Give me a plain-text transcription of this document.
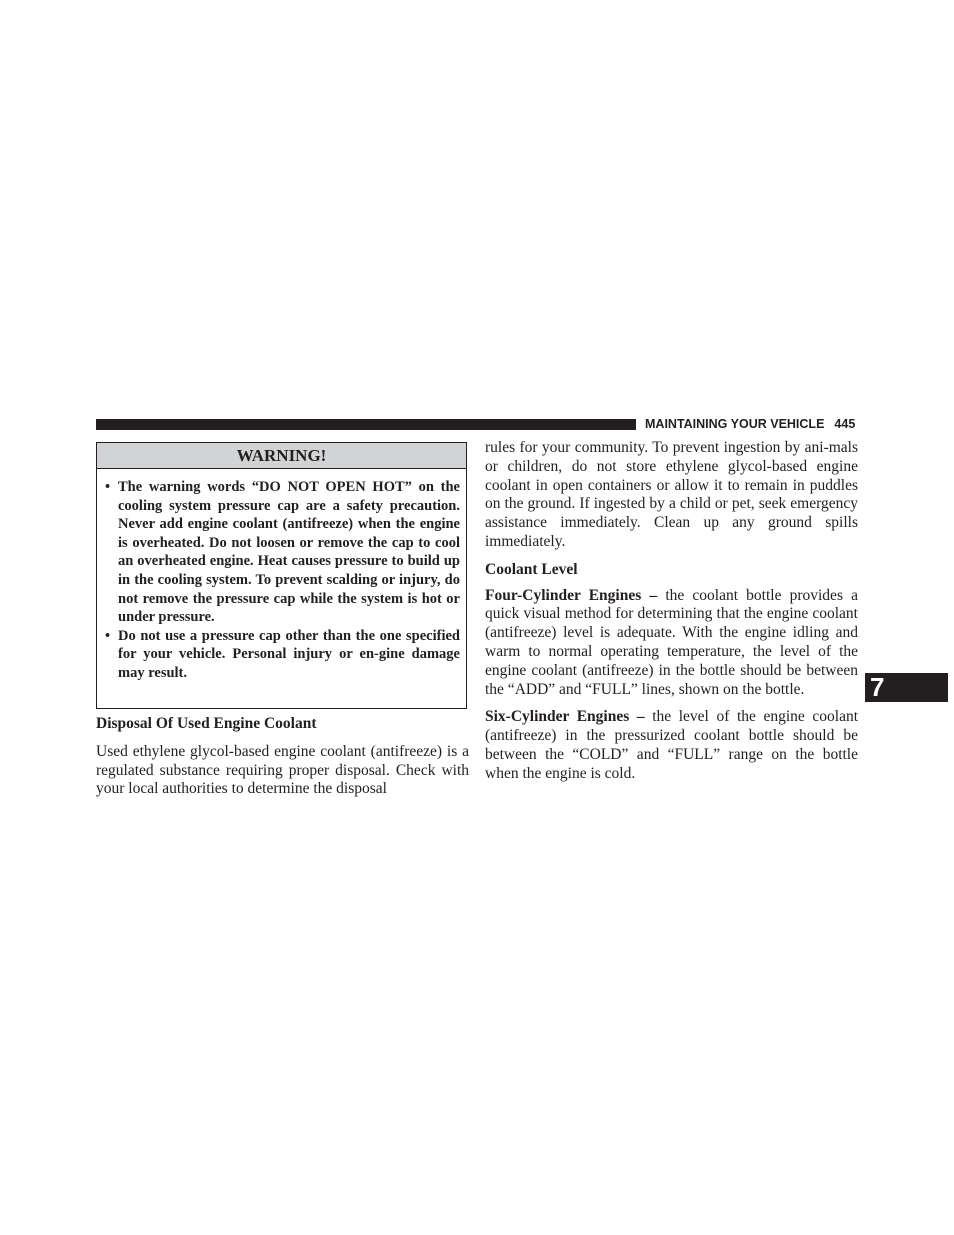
MAINTAINING YOUR VEHICLE 445
WARNING!
• The warning words “DO NOT OPEN HOT” on the cooling system pressure cap are a safety precaution. Never add engine coolant (antifreeze) when the engine is overheated. Do not loosen or remove the cap to cool an overheated engine. Heat causes pressure to build up in the cooling system. To prevent scalding or injury, do not remove the pressure cap while the system is hot or under pressure.
• Do not use a pressure cap other than the one specified for your vehicle. Personal injury or en-gine damage may result.
Disposal Of Used Engine Coolant

Used ethylene glycol-based engine coolant (antifreeze) is a regulated substance requiring proper disposal. Check with your local authorities to determine the disposal

rules for your community. To prevent ingestion by ani-mals or children, do not store ethylene glycol-based engine coolant in open containers or allow it to remain in puddles on the ground. If ingested by a child or pet, seek emergency assistance immediately. Clean up any ground spills immediately.

Coolant Level

Four-Cylinder Engines – the coolant bottle provides a quick visual method for determining that the engine coolant (antifreeze) level is adequate. With the engine idling and warm to normal operating temperature, the level of the engine coolant (antifreeze) in the bottle should be between the “ADD” and “FULL” lines, shown on the bottle.

Six-Cylinder Engines – the level of the engine coolant (antifreeze) in the pressurized coolant bottle should be between the “COLD” and “FULL” range on the bottle when the engine is cold.

7
